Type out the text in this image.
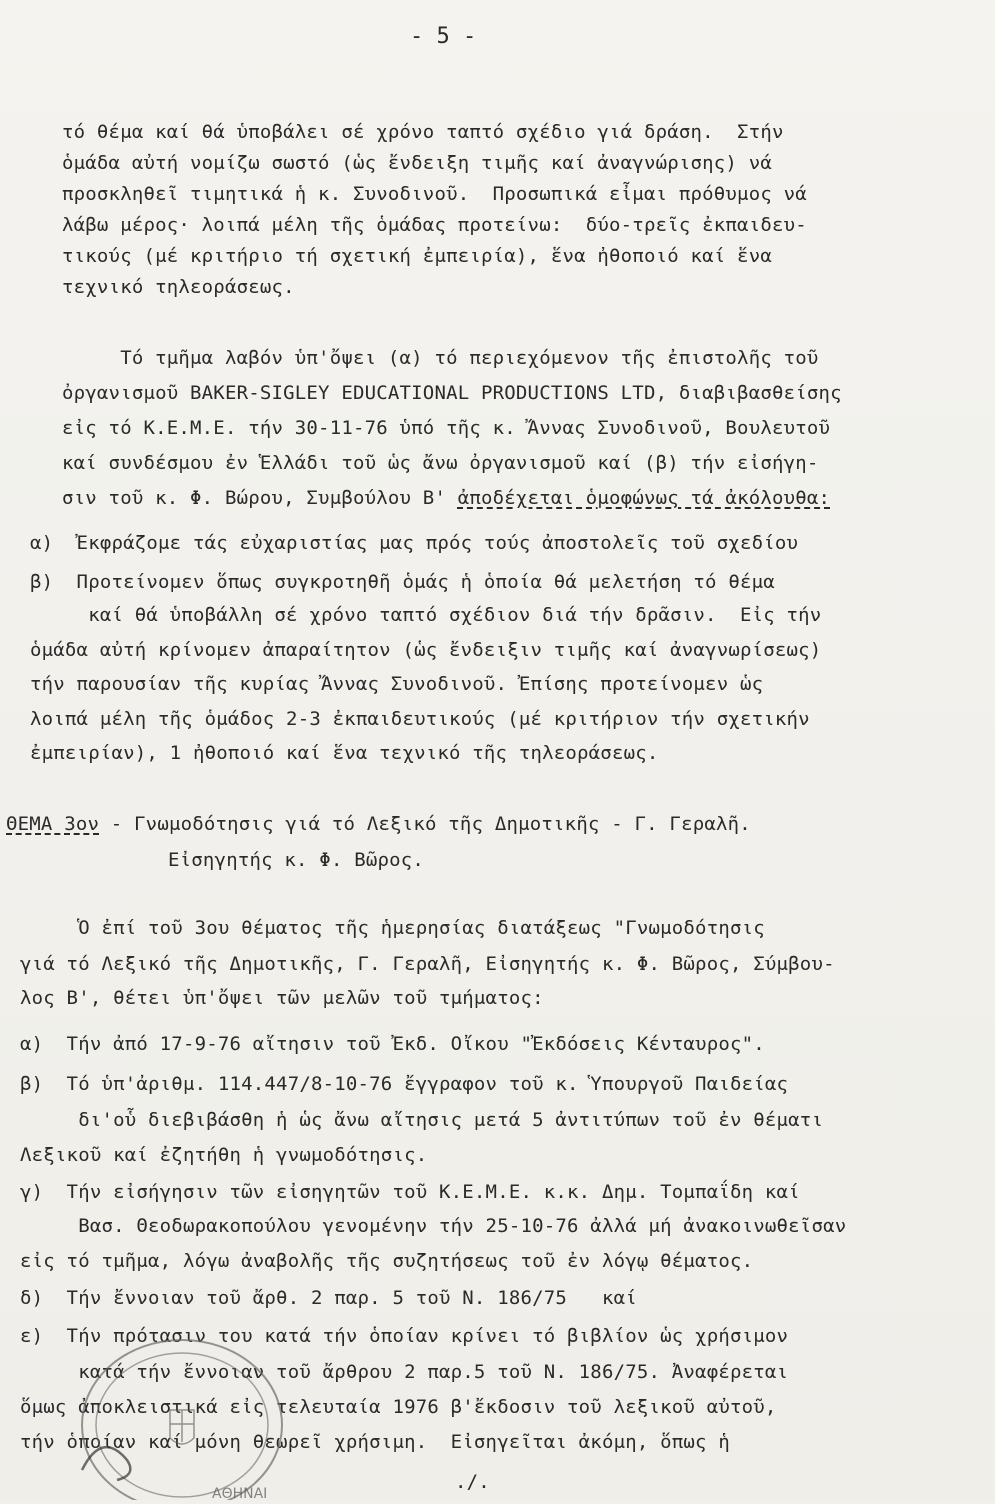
- 5 -
τό θέμα καί θά ὑποβάλει σέ χρόνο ταπτό σχέδιο γιά δράση.  Στήν
ὁμάδα αὐτή νομίζω σωστό (ὡς ἔνδειξη τιμῆς καί ἀναγνώρισης) νά
προσκληθεῖ τιμητικά ἡ κ. Συνοδινοῦ.  Προσωπικά εἶμαι πρόθυμος νά
λάβω μέρος· λοιπά μέλη τῆς ὁμάδας προτείνω:  δύο-τρεῖς ἐκπαιδευ-
τικούς (μέ κριτήριο τή σχετική ἐμπειρία), ἕνα ἠθοποιό καί ἕνα
τεχνικό τηλεοράσεως.
Τό τμῆμα λαβόν ὑπ'ὄψει (α) τό περιεχόμενον τῆς ἐπιστολῆς τοῦ
ὀργανισμοῦ BAKER-SIGLEY EDUCATIONAL PRODUCTIONS LTD, διαβιβασθείσης
εἰς τό Κ.Ε.Μ.Ε. τήν 30-11-76 ὑπό τῆς κ. Ἄννας Συνοδινοῦ, Βουλευτοῦ
καί συνδέσμου ἐν Ἑλλάδι τοῦ ὡς ἄνω ὀργανισμοῦ καί (β) τήν εἰσήγη-
σιν τοῦ κ. Φ. Βώρου, Συμβούλου Β' ἀποδέχεται ὁμοφώνως τά ἀκόλουθα:
α)  Ἐκφράζομε τάς εὐχαριστίας μας πρός τούς ἀποστολεῖς τοῦ σχεδίου
β)  Προτείνομεν ὅπως συγκροτηθῆ ὁμάς ἡ ὁποία θά μελετήση τό θέμα
καί θά ὑποβάλλη σέ χρόνο ταπτό σχέδιον διά τήν δρᾶσιν.  Εἰς τήν
ὁμάδα αὐτή κρίνομεν ἀπαραίτητον (ὡς ἔνδειξιν τιμῆς καί ἀναγνωρίσεως)
τήν παρουσίαν τῆς κυρίας Ἄννας Συνοδινοῦ. Ἐπίσης προτείνομεν ὡς
λοιπά μέλη τῆς ὁμάδος 2-3 ἐκπαιδευτικούς (μέ κριτήριον τήν σχετικήν
ἐμπειρίαν), 1 ἠθοποιό καί ἕνα τεχνικό τῆς τηλεοράσεως.
ΘΕΜΑ 3ον - Γνωμοδότησις γιά τό Λεξικό τῆς Δημοτικῆς - Γ. Γεραλῆ.
Εἰσηγητής κ. Φ. Βῶρος.
Ὁ ἐπί τοῦ 3ου θέματος τῆς ἡμερησίας διατάξεως "Γνωμοδότησις
γιά τό Λεξικό τῆς Δημοτικῆς, Γ. Γεραλῆ, Εἰσηγητής κ. Φ. Βῶρος, Σύμβου-
λος Β', θέτει ὑπ'ὄψει τῶν μελῶν τοῦ τμήματος:
α)  Τήν ἀπό 17-9-76 αἴτησιν τοῦ Ἐκδ. Οἴκου "Ἐκδόσεις Κένταυρος".
β)  Τό ὑπ'ἀριθμ. 114.447/8-10-76 ἔγγραφον τοῦ κ. Ὑπουργοῦ Παιδείας
δι'οὗ διεβιβάσθη ἡ ὡς ἄνω αἴτησις μετά 5 ἀντιτύπων τοῦ ἐν θέματι
Λεξικοῦ καί ἐζητήθη ἡ γνωμοδότησις.
γ)  Τήν εἰσήγησιν τῶν εἰσηγητῶν τοῦ Κ.Ε.Μ.Ε. κ.κ. Δημ. Τομπαΐδη καί
Βασ. Θεοδωρακοπούλου γενομένην τήν 25-10-76 ἀλλά μή ἀνακοινωθεῖσαν
εἰς τό τμῆμα, λόγω ἀναβολῆς τῆς συζητήσεως τοῦ ἐν λόγῳ θέματος.
δ)  Τήν ἔννοιαν τοῦ ἄρθ. 2 παρ. 5 τοῦ Ν. 186/75   καί
ε)  Τήν πρότασιν του κατά τήν ὁποίαν κρίνει τό βιβλίον ὡς χρήσιμον
κατά τήν ἔννοιαν τοῦ ἄρθρου 2 παρ.5 τοῦ Ν. 186/75. Ἀναφέρεται
ὅμως ἀποκλειστικά εἰς τελευταία 1976 β'ἔκδοσιν τοῦ λεξικοῦ αὐτοῦ,
τήν ὁποίαν καί μόνη θεωρεῖ χρήσιμη.  Εἰσηγεῖται ἀκόμη, ὅπως ἡ
./.
ΑΘΗΝΑΙ
